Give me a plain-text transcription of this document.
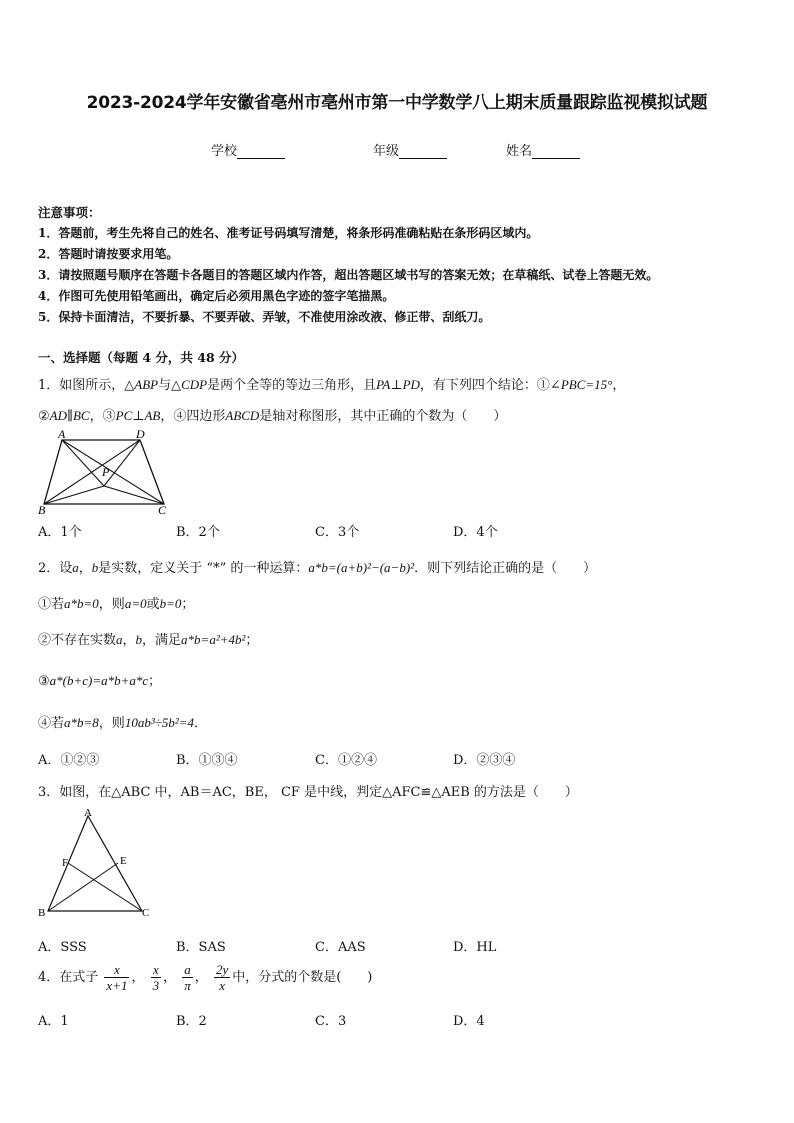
2023-2024学年安徽省亳州市亳州市第一中学数学八上期末质量跟踪监视模拟试题
学校	年级	姓名
注意事项：
1．答题前，考生先将自己的姓名、准考证号码填写清楚，将条形码准确粘贴在条形码区域内。
2．答题时请按要求用笔。
3．请按照题号顺序在答题卡各题目的答题区域内作答，超出答题区域书写的答案无效；在草稿纸、试卷上答题无效。
4．作图可先使用铅笔画出，确定后必须用黑色字迹的签字笔描黑。
5．保持卡面清洁，不要折暴、不要弄破、弄皱，不准使用涂改液、修正带、刮纸刀。
一、选择题（每题 4 分，共 48 分）
1．如图所示，△ABP与△CDP是两个全等的等边三角形，且PA⊥PD，有下列四个结论：①∠PBC=15°，
②AD∥BC，③PC⊥AB，④四边形ABCD是轴对称图形，其中正确的个数为（　　）
A	D
P
B	C
A．1个	B．2个	C．3个	D．4个
2．设a，b是实数，定义关于 “*” 的一种运算：a*b=(a+b)²−(a−b)²．则下列结论正确的是（　　）
①若a*b=0，则a=0或b=0；
②不存在实数a，b，满足a*b=a²+4b²；
③a*(b+c)=a*b+a*c；
④若a*b=8，则10ab³÷5b²=4．
A．①②③	B．①③④	C．①②④	D．②③④
3．如图，在△ABC 中，AB＝AC，BE， CF 是中线，判定△AFC≌△AEB 的方法是（　　）
A
F	E
B	C
A．SSS	B．SAS	C．AAS	D．HL
4．在式子 $\frac{x}{x+1}$ ， $\frac{x}{3}$ ， $\frac{a}{\pi}$ ， $\frac{2y}{x}$ 中，分式的个数是(　　)
A．1	B．2	C．3	D．4
